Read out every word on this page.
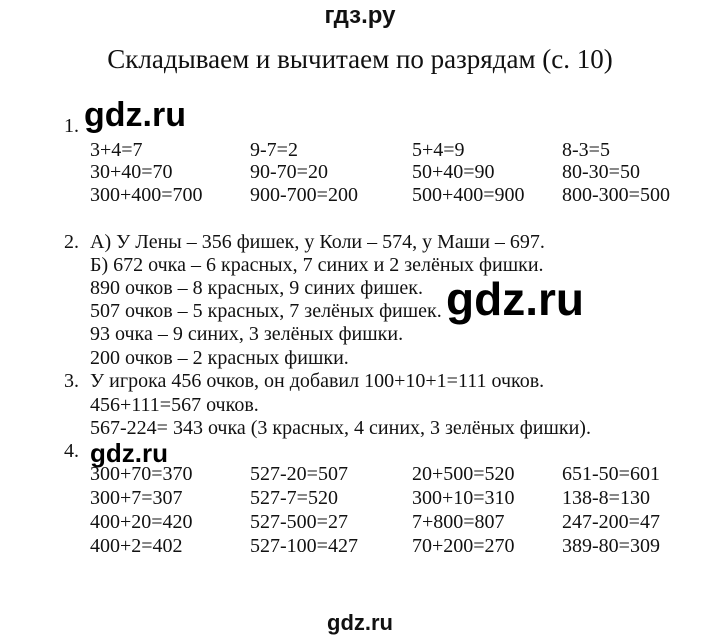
гдз.ру
Складываем и вычитаем по разрядам (с. 10)
1.
3+4=7	9-7=2	5+4=9	8-3=5
30+40=70	90-70=20	50+40=90	80-30=50
300+400=700 900-700=200	500+400=900 800-300=500
2. А) У Лены – 356 фишек, у Коли – 574, у Маши – 697.
Б) 672 очка – 6 красных, 7 синих и 2 зелёных фишки.
890 очков – 8 красных, 9 синих фишек.
507 очков – 5 красных, 7 зелёных фишек.
93 очка – 9 синих, 3 зелёных фишки.
200 очков – 2 красных фишки.
3. У игрока 456 очков, он добавил 100+10+1=111 очков.
456+111=567 очков.
567-224= 343 очка (3 красных, 4 синих, 3 зелёных фишки).
4.
300+70=370	527-20=507	20+500=520 651-50=601
300+7=307	527-7=520	300+10=310 138-8=130
400+20=420	527-500=27	7+800=807	247-200=47
400+2=402	527-100=427	70+200=270 389-80=309
gdz.ru
gdz.ru
gdz.ru
gdz.ru
